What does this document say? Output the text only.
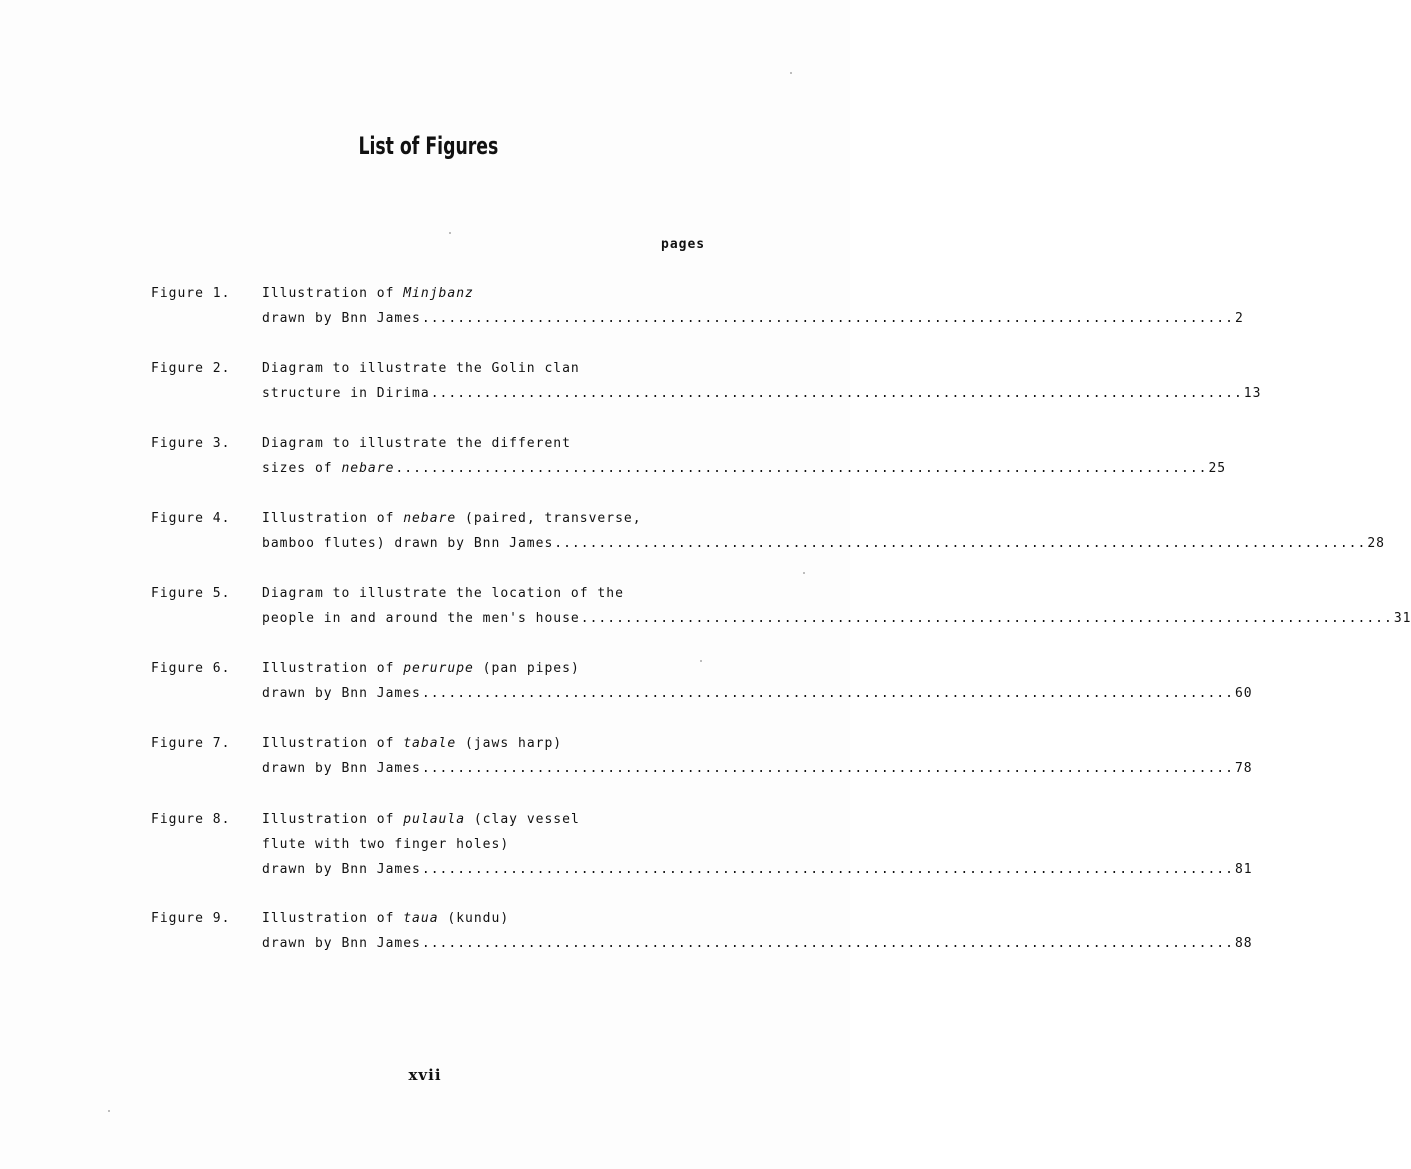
List of Figures
pages
Figure 1. Illustration of Minjbanz
drawn by Bnn James ............................................................................................ 2
Figure 2. Diagram to illustrate the Golin clan
structure in Dirima ............................................................................................ 13
Figure 3. Diagram to illustrate the different
sizes of nebare ............................................................................................ 25
Figure 4. Illustration of nebare (paired, transverse,
bamboo flutes) drawn by Bnn James ............................................................................................ 28
Figure 5. Diagram to illustrate the location of the
people in and around the men's house ............................................................................................ 31
Figure 6. Illustration of perurupe (pan pipes)
drawn by Bnn James ............................................................................................ 60
Figure 7. Illustration of tabale (jaws harp)
drawn by Bnn James ............................................................................................ 78
Figure 8. Illustration of pulaula (clay vessel
flute with two finger holes)
drawn by Bnn James ............................................................................................ 81
Figure 9. Illustration of taua (kundu)
drawn by Bnn James ............................................................................................ 88
xvii
